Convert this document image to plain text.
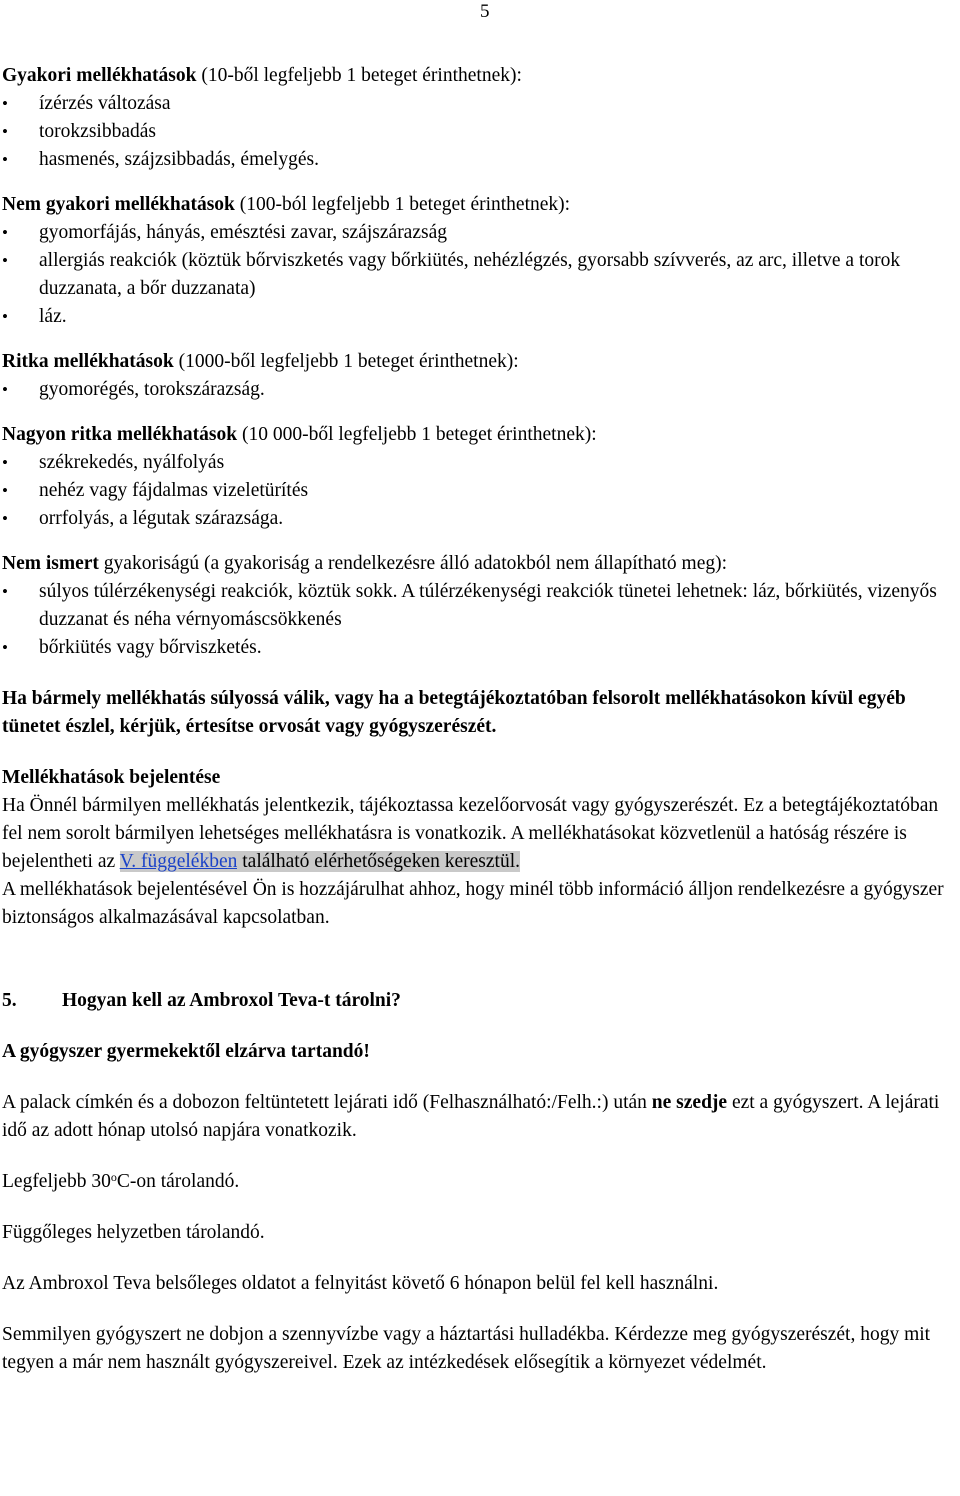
5

Gyakori mellékhatások (10-ből legfeljebb 1 beteget érinthetnek):

• ízérzés változása
• torokzsibbadás
• hasmenés, szájzsibbadás, émelygés.

Nem gyakori mellékhatások (100-ból legfeljebb 1 beteget érinthetnek):

• gyomorfájás, hányás, emésztési zavar, szájszárazság
• allergiás reakciók (köztük bőrviszketés vagy bőrkiütés, nehézlégzés, gyorsabb szívverés, az arc, illetve a torok duzzanata, a bőr duzzanata)
• láz.

Ritka mellékhatások (1000-ből legfeljebb 1 beteget érinthetnek):

• gyomorégés, torokszárazság.

Nagyon ritka mellékhatások (10 000-ből legfeljebb 1 beteget érinthetnek):

• székrekedés, nyálfolyás
• nehéz vagy fájdalmas vizeletürítés
• orrfolyás, a légutak szárazsága.

Nem ismert gyakoriságú (a gyakoriság a rendelkezésre álló adatokból nem állapítható meg):

• súlyos túlérzékenységi reakciók, köztük sokk. A túlérzékenységi reakciók tünetei lehetnek: láz, bőrkiütés, vizenyős duzzanat és néha vérnyomáscsökkenés
• bőrkiütés vagy bőrviszketés.

Ha bármely mellékhatás súlyossá válik, vagy ha a betegtájékoztatóban felsorolt mellékhatásokon kívül egyéb tünetet észlel, kérjük, értesítse orvosát vagy gyógyszerészét.

Mellékhatások bejelentése

Ha Önnél bármilyen mellékhatás jelentkezik, tájékoztassa kezelőorvosát vagy gyógyszerészét. Ez a betegtájékoztatóban fel nem sorolt bármilyen lehetséges mellékhatásra is vonatkozik. A mellékhatásokat közvetlenül a hatóság részére is bejelentheti az V. függelékben található elérhetőségeken keresztül.

A mellékhatások bejelentésével Ön is hozzájárulhat ahhoz, hogy minél több információ álljon rendelkezésre a gyógyszer biztonságos alkalmazásával kapcsolatban.

5. Hogyan kell az Ambroxol Teva-t tárolni?

A gyógyszer gyermekektől elzárva tartandó!

A palack címkén és a dobozon feltüntetett lejárati idő (Felhasználható:/Felh.:) után ne szedje ezt a gyógyszert. A lejárati idő az adott hónap utolsó napjára vonatkozik.

Legfeljebb 30$^o$C-on tárolandó.

Függőleges helyzetben tárolandó.

Az Ambroxol Teva belsőleges oldatot a felnyitást követő 6 hónapon belül fel kell használni.

Semmilyen gyógyszert ne dobjon a szennyvízbe vagy a háztartási hulladékba. Kérdezze meg gyógyszerészét, hogy mit tegyen a már nem használt gyógyszereivel. Ezek az intézkedések elősegítik a környezet védelmét.
